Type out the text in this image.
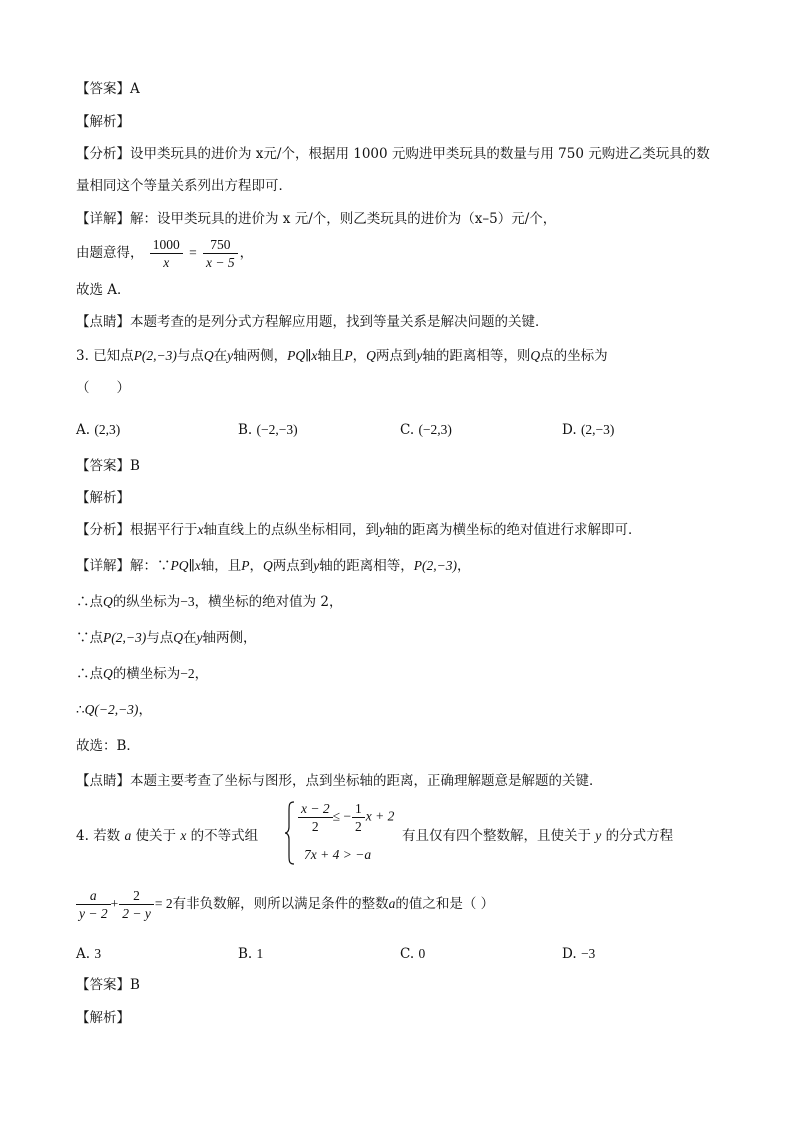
【答案】A
【解析】
【分析】设甲类玩具的进价为 x元/个，根据用 1000 元购进甲类玩具的数量与用 750 元购进乙类玩具的数
量相同这个等量关系列出方程即可．
【详解】解：设甲类玩具的进价为 x 元/个，则乙类玩具的进价为（x–5）元/个，
由题意得， $\frac{1000}{x} = \frac{750}{x - 5}$ ，
故选 A．
【点睛】本题考查的是列分式方程解应用题，找到等量关系是解决问题的关键．
3. 已知点P(2,−3)与点Q在y轴两侧，PQ∥x轴且P，Q两点到y轴的距离相等，则Q点的坐标为
（　　）
A. (2,3)	B. (−2,−3)	C. (−2,3)	D. (2,−3)
【答案】B
【解析】
【分析】根据平行于x轴直线上的点纵坐标相同，到y轴的距离为横坐标的绝对值进行求解即可．
【详解】解：∵PQ∥x轴，且P，Q两点到y轴的距离相等，P(2,−3)，
∴点Q的纵坐标为−3，横坐标的绝对值为 2，
∵点P(2,−3)与点Q在y轴两侧，
∴点Q的横坐标为−2，
∴Q(−2,−3)，
故选：B．
【点睛】本题主要考查了坐标与图形，点到坐标轴的距离，正确理解题意是解题的关键．
4. 若数 a 使关于 x 的不等式组
$\frac{x - 2}{2}$ ≤ − $\frac{1}{2}$ x + 2
7x + 4 > −a
有且仅有四个整数解，且使关于 y 的分式方程
$\frac{a}{y - 2} + \frac{2}{2 - y} = 2$有非负数解，则所以满足条件的整数a的值之和是（ ）
A. 3	B. 1	C. 0	D. −3
【答案】B
【解析】
